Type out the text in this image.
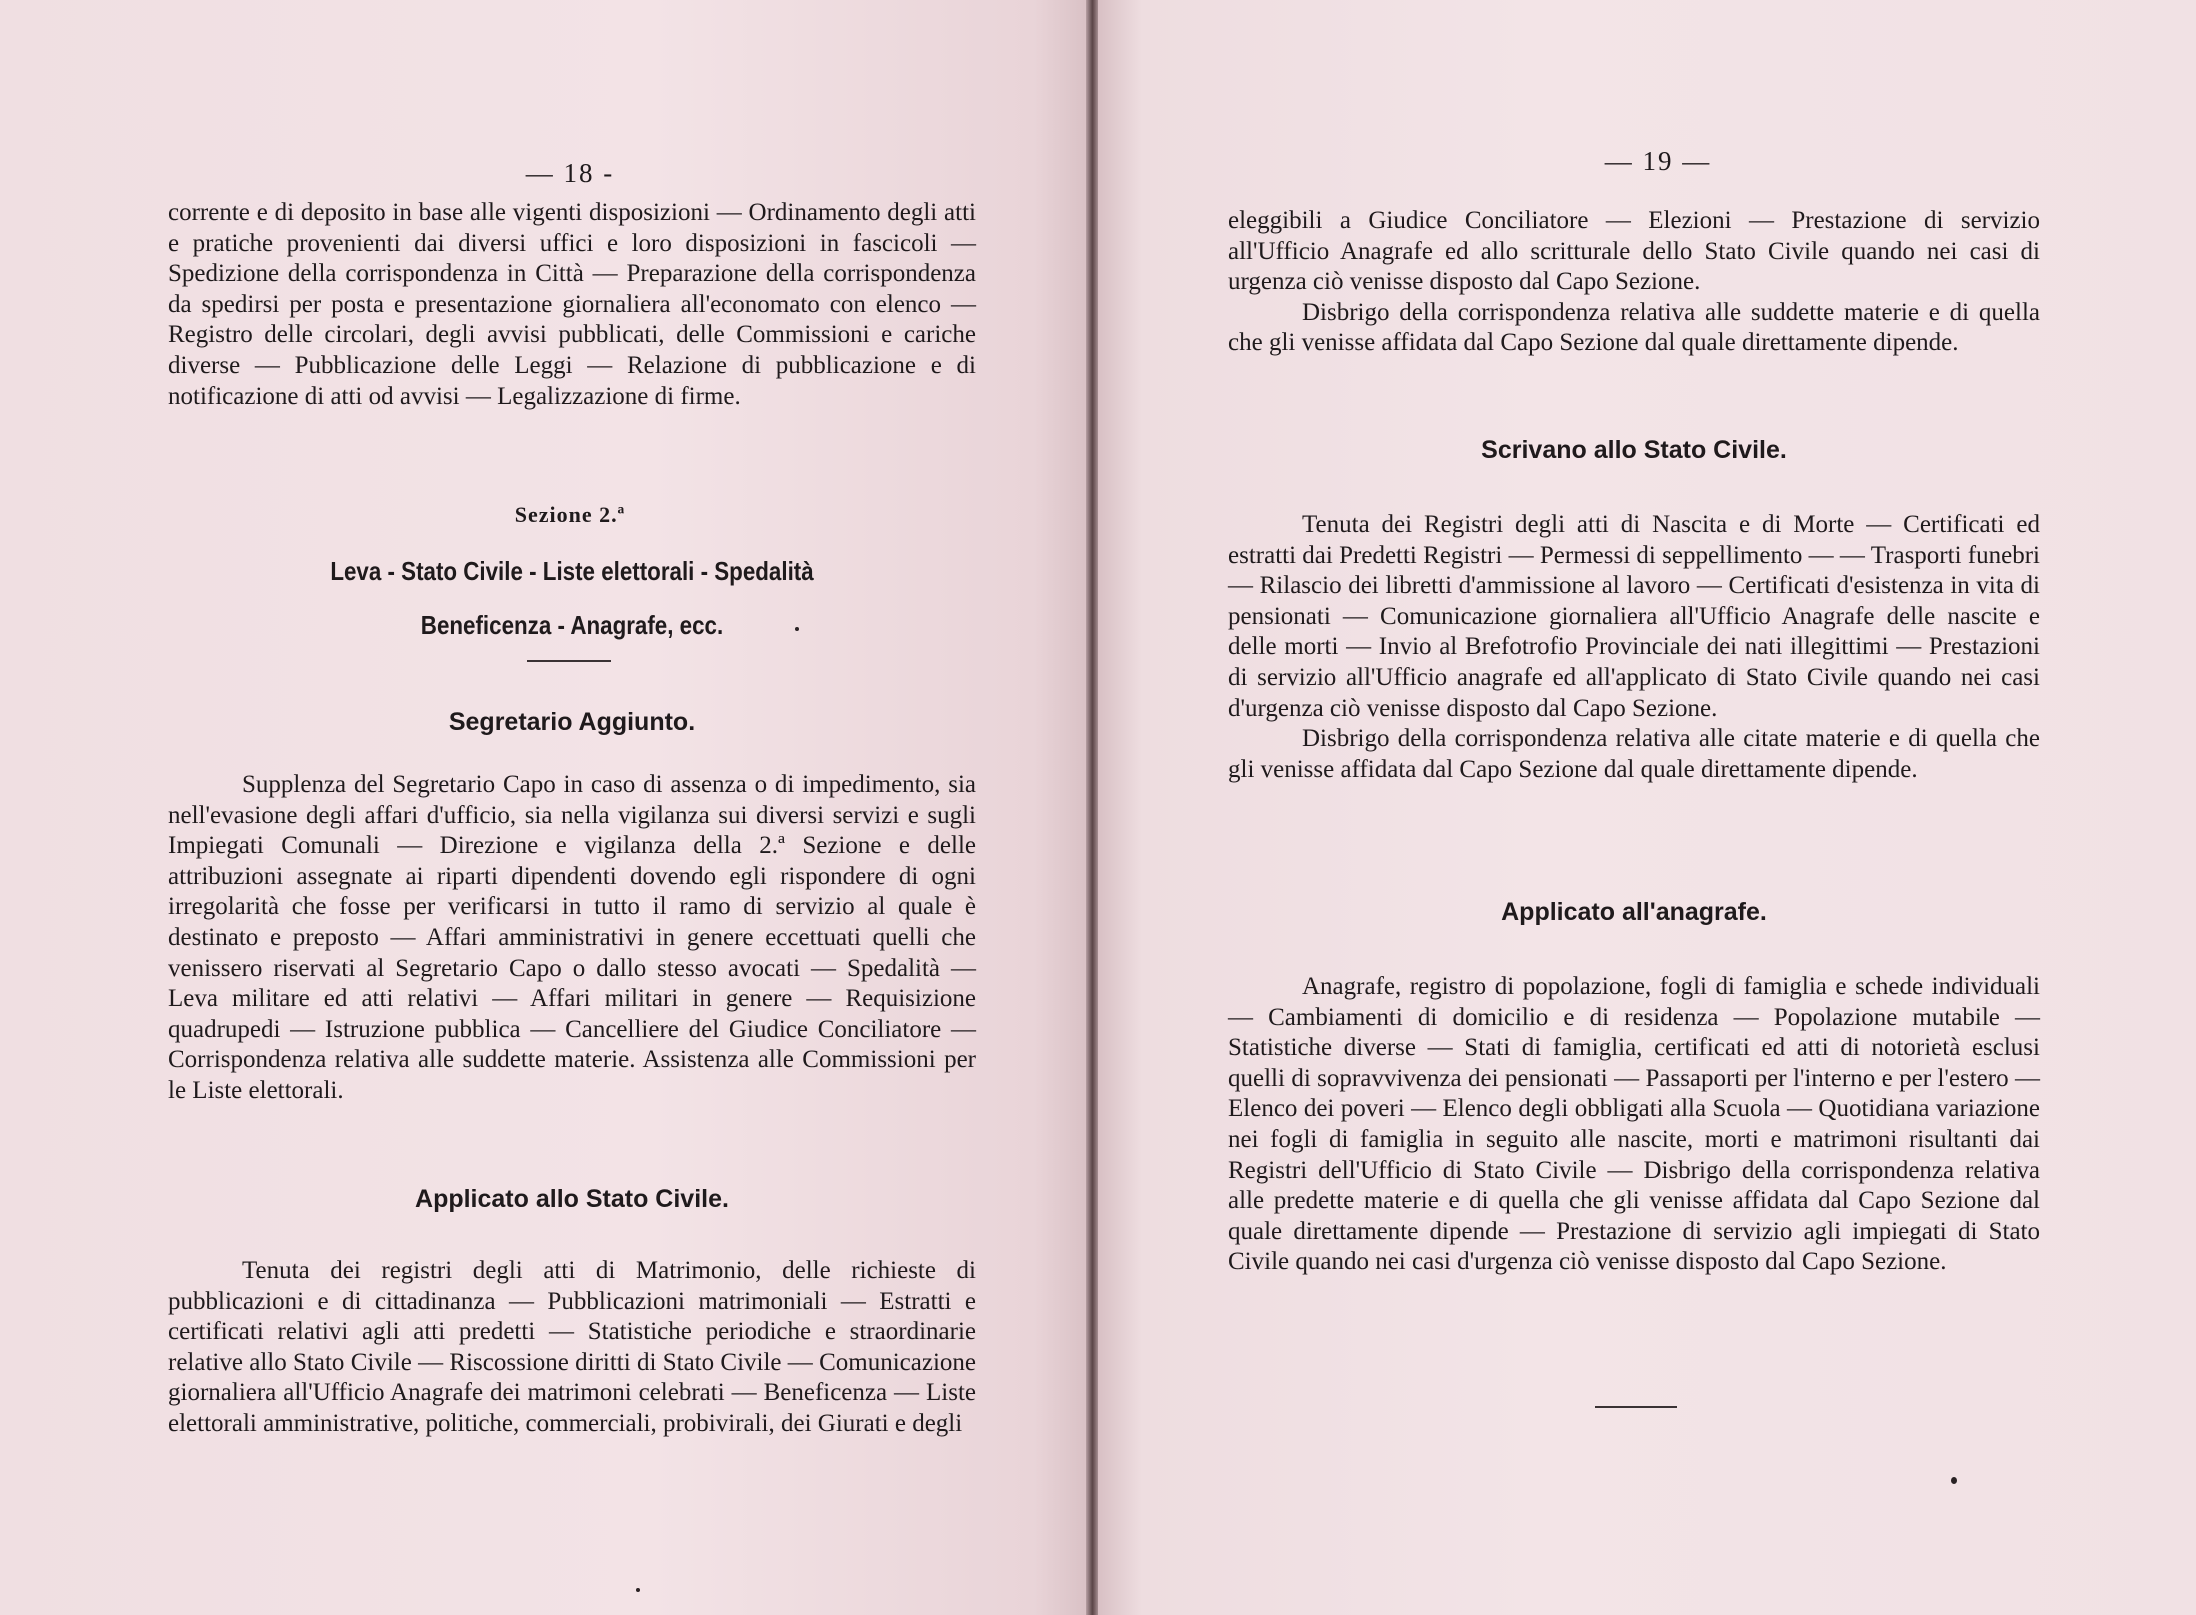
— 18 -

corrente e di deposito in base alle vigenti disposizioni — Ordinamento degli atti e pratiche provenienti dai diversi uffici e loro disposizioni in fascicoli — Spedizione della corrispondenza in Città — Preparazione della corrispondenza da spedirsi per posta e presentazione giornaliera all'economato con elenco — Registro delle circolari, degli avvisi pubblicati, delle Commissioni e cariche diverse — Pubblicazione delle Leggi — Relazione di pubblicazione e di notificazione di atti od avvisi — Legalizzazione di firme.

Sezione 2.ª
Leva - Stato Civile - Liste elettorali - Spedalità
Beneficenza - Anagrafe, ecc.
Segretario Aggiunto.

Supplenza del Segretario Capo in caso di assenza o di impedimento, sia nell'evasione degli affari d'ufficio, sia nella vigilanza sui diversi servizi e sugli Impiegati Comunali — Direzione e vigilanza della 2.ª Sezione e delle attribuzioni assegnate ai riparti dipendenti dovendo egli rispondere di ogni irregolarità che fosse per verificarsi in tutto il ramo di servizio al quale è destinato e preposto — Affari amministrativi in genere eccettuati quelli che venissero riservati al Segretario Capo o dallo stesso avocati — Spedalità — Leva militare ed atti relativi — Affari militari in genere — Requisizione quadrupedi — Istruzione pubblica — Cancelliere del Giudice Conciliatore — Corrispondenza relativa alle suddette materie. Assistenza alle Commissioni per le Liste elettorali.

Applicato allo Stato Civile.

Tenuta dei registri degli atti di Matrimonio, delle richieste di pubblicazioni e di cittadinanza — Pubblicazioni matrimoniali — Estratti e certificati relativi agli atti predetti — Statistiche periodiche e straordinarie relative allo Stato Civile — Riscossione diritti di Stato Civile — Comunicazione giornaliera all'Ufficio Anagrafe dei matrimoni celebrati — Beneficenza — Liste elettorali amministrative, politiche, commerciali, probivirali, dei Giurati e degli

— 19 —

eleggibili a Giudice Conciliatore — Elezioni — Prestazione di servizio all'Ufficio Anagrafe ed allo scritturale dello Stato Civile quando nei casi di urgenza ciò venisse disposto dal Capo Sezione.

Disbrigo della corrispondenza relativa alle suddette materie e di quella che gli venisse affidata dal Capo Sezione dal quale direttamente dipende.

Scrivano allo Stato Civile.

Tenuta dei Registri degli atti di Nascita e di Morte — Certificati ed estratti dai Predetti Registri — Permessi di seppellimento — — Trasporti funebri — Rilascio dei libretti d'ammissione al lavoro — Certificati d'esistenza in vita di pensionati — Comunicazione giornaliera all'Ufficio Anagrafe delle nascite e delle morti — Invio al Brefotrofio Provinciale dei nati illegittimi — Prestazioni di servizio all'Ufficio anagrafe ed all'applicato di Stato Civile quando nei casi d'urgenza ciò venisse disposto dal Capo Sezione.

Disbrigo della corrispondenza relativa alle citate materie e di quella che gli venisse affidata dal Capo Sezione dal quale direttamente dipende.

Applicato all'anagrafe.

Anagrafe, registro di popolazione, fogli di famiglia e schede individuali — Cambiamenti di domicilio e di residenza — Popolazione mutabile — Statistiche diverse — Stati di famiglia, certificati ed atti di notorietà esclusi quelli di sopravvivenza dei pensionati — Passaporti per l'interno e per l'estero — Elenco dei poveri — Elenco degli obbligati alla Scuola — Quotidiana variazione nei fogli di famiglia in seguito alle nascite, morti e matrimoni risultanti dai Registri dell'Ufficio di Stato Civile — Disbrigo della corrispondenza relativa alle predette materie e di quella che gli venisse affidata dal Capo Sezione dal quale direttamente dipende — Prestazione di servizio agli impiegati di Stato Civile quando nei casi d'urgenza ciò venisse disposto dal Capo Sezione.
